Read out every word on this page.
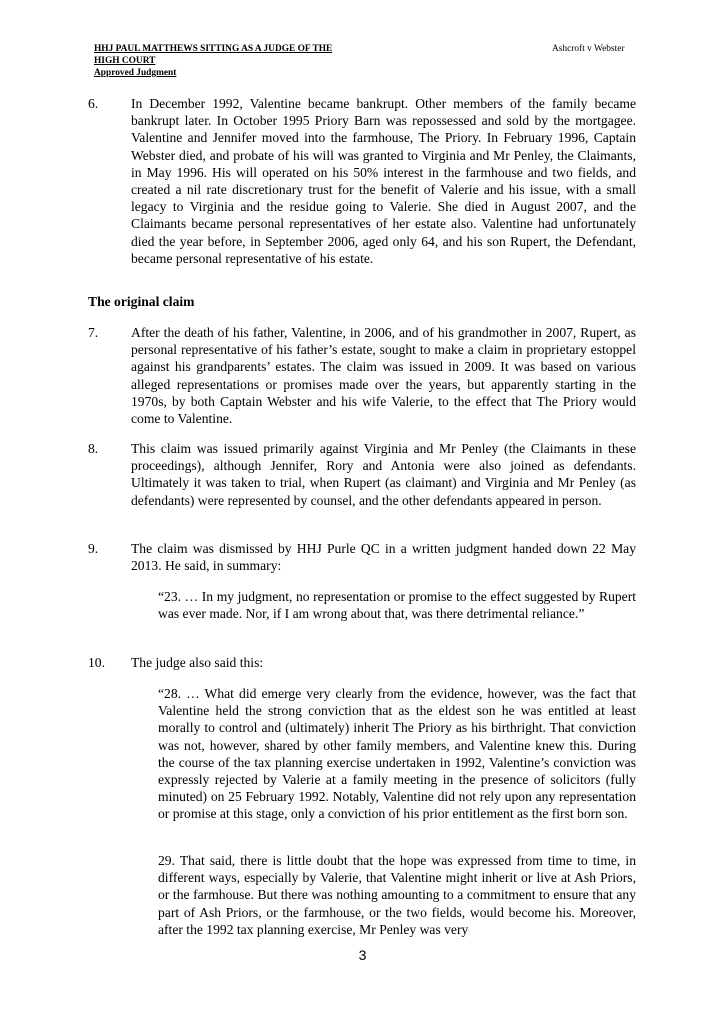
HHJ PAUL MATTHEWS SITTING AS A JUDGE OF THE
HIGH COURT
Approved Judgment
Ashcroft v Webster
6. In December 1992, Valentine became bankrupt. Other members of the family became bankrupt later. In October 1995 Priory Barn was repossessed and sold by the mortgagee. Valentine and Jennifer moved into the farmhouse, The Priory. In February 1996, Captain Webster died, and probate of his will was granted to Virginia and Mr Penley, the Claimants, in May 1996. His will operated on his 50% interest in the farmhouse and two fields, and created a nil rate discretionary trust for the benefit of Valerie and his issue, with a small legacy to Virginia and the residue going to Valerie. She died in August 2007, and the Claimants became personal representatives of her estate also. Valentine had unfortunately died the year before, in September 2006, aged only 64, and his son Rupert, the Defendant, became personal representative of his estate.
The original claim
7. After the death of his father, Valentine, in 2006, and of his grandmother in 2007, Rupert, as personal representative of his father’s estate, sought to make a claim in proprietary estoppel against his grandparents’ estates. The claim was issued in 2009. It was based on various alleged representations or promises made over the years, but apparently starting in the 1970s, by both Captain Webster and his wife Valerie, to the effect that The Priory would come to Valentine.
8. This claim was issued primarily against Virginia and Mr Penley (the Claimants in these proceedings), although Jennifer, Rory and Antonia were also joined as defendants. Ultimately it was taken to trial, when Rupert (as claimant) and Virginia and Mr Penley (as defendants) were represented by counsel, and the other defendants appeared in person.
9. The claim was dismissed by HHJ Purle QC in a written judgment handed down 22 May 2013. He said, in summary:
“23. … In my judgment, no representation or promise to the effect suggested by Rupert was ever made. Nor, if I am wrong about that, was there detrimental reliance.”
10. The judge also said this:
“28. … What did emerge very clearly from the evidence, however, was the fact that Valentine held the strong conviction that as the eldest son he was entitled at least morally to control and (ultimately) inherit The Priory as his birthright. That conviction was not, however, shared by other family members, and Valentine knew this. During the course of the tax planning exercise undertaken in 1992, Valentine’s conviction was expressly rejected by Valerie at a family meeting in the presence of solicitors (fully minuted) on 25 February 1992. Notably, Valentine did not rely upon any representation or promise at this stage, only a conviction of his prior entitlement as the first born son.
29. That said, there is little doubt that the hope was expressed from time to time, in different ways, especially by Valerie, that Valentine might inherit or live at Ash Priors, or the farmhouse. But there was nothing amounting to a commitment to ensure that any part of Ash Priors, or the farmhouse, or the two fields, would become his. Moreover, after the 1992 tax planning exercise, Mr Penley was very
3
